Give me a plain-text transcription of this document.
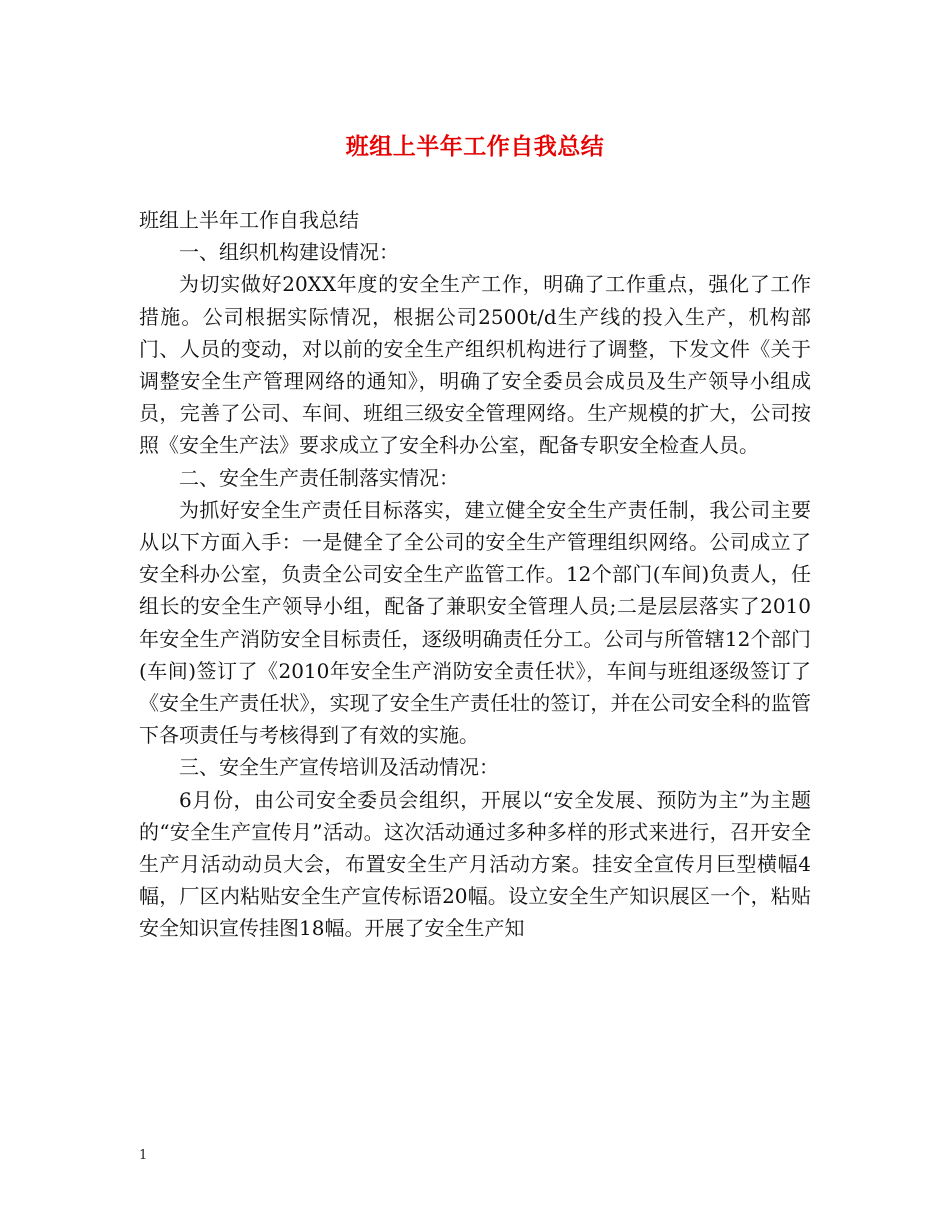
班组上半年工作自我总结

班组上半年工作自我总结

一、组织机构建设情况：

为切实做好20XX年度的安全生产工作，明确了工作重点，强化了工作措施。公司根据实际情况，根据公司2500t/d生产线的投入生产，机构部门、人员的变动，对以前的安全生产组织机构进行了调整，下发文件《关于调整安全生产管理网络的通知》，明确了安全委员会成员及生产领导小组成员，完善了公司、车间、班组三级安全管理网络。生产规模的扩大，公司按照《安全生产法》要求成立了安全科办公室，配备专职安全检查人员。

二、安全生产责任制落实情况：

为抓好安全生产责任目标落实，建立健全安全生产责任制，我公司主要从以下方面入手：一是健全了全公司的安全生产管理组织网络。公司成立了安全科办公室，负责全公司安全生产监管工作。12个部门(车间)负责人，任组长的安全生产领导小组，配备了兼职安全管理人员;二是层层落实了2010年安全生产消防安全目标责任，逐级明确责任分工。公司与所管辖12个部门(车间)签订了《2010年安全生产消防安全责任状》，车间与班组逐级签订了《安全生产责任状》，实现了安全生产责任壮的签订，并在公司安全科的监管下各项责任与考核得到了有效的实施。

三、安全生产宣传培训及活动情况：

6月份，由公司安全委员会组织，开展以“安全发展、预防为主”为主题的“安全生产宣传月”活动。这次活动通过多种多样的形式来进行，召开安全生产月活动动员大会，布置安全生产月活动方案。挂安全宣传月巨型横幅4幅，厂区内粘贴安全生产宣传标语20幅。设立安全生产知识展区一个，粘贴安全知识宣传挂图18幅。开展了安全生产知

1
